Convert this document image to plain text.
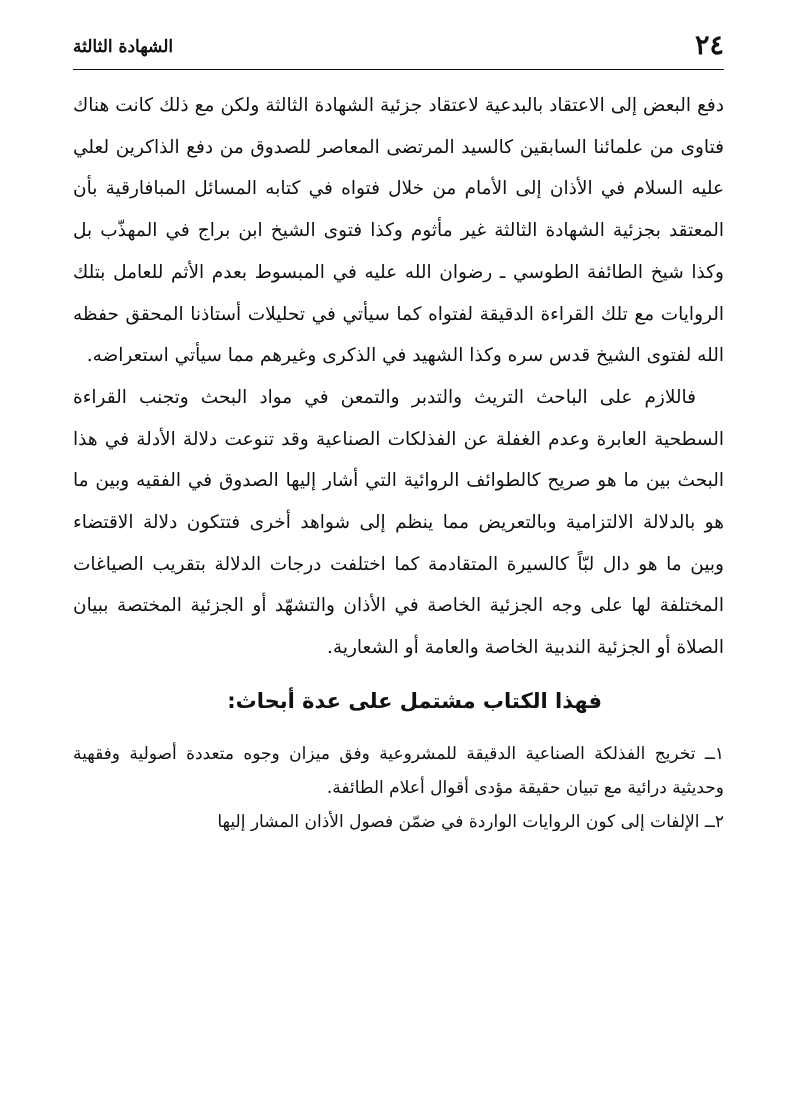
٢٤
الشهادة الثالثة

دفع البعض إلى الاعتقاد بالبدعية لاعتقاد جزئية الشهادة الثالثة ولكن مع ذلك كانت هناك فتاوى من علمائنا السابقين كالسيد المرتضى المعاصر للصدوق من دفع الذاكرين لعلي عليه السلام في الأذان إلى الأمام من خلال فتواه في كتابه المسائل المبافارقية بأن المعتقد بجزئية الشهادة الثالثة غير مأثوم وكذا فتوى الشيخ ابن براج في المهذّب بل وكذا شيخ الطائفة الطوسي ـ رضوان الله عليه في المبسوط بعدم الأثم للعامل بتلك الروايات مع تلك القراءة الدقيقة لفتواه كما سيأتي في تحليلات أستاذنا المحقق حفظه الله لفتوى الشيخ قدس سره وكذا الشهيد في الذكرى وغيرهم مما سيأتي استعراضه.

فاللازم على الباحث التريث والتدبر والتمعن في مواد البحث وتجنب القراءة السطحية العابرة وعدم الغفلة عن الفذلكات الصناعية وقد تنوعت دلالة الأدلة في هذا البحث بين ما هو صريح كالطوائف الروائية التي أشار إليها الصدوق في الفقيه وبين ما هو بالدلالة الالتزامية وبالتعريض مما ينظم إلى شواهد أخرى فتتكون دلالة الاقتضاء وبين ما هو دال لبّاً كالسيرة المتقادمة كما اختلفت درجات الدلالة بتقريب الصياغات المختلفة لها على وجه الجزئية الخاصة في الأذان والتشهّد أو الجزئية المختصة ببيان الصلاة أو الجزئية الندبية الخاصة والعامة أو الشعارية.

فهذا الكتاب مشتمل على عدة أبحاث:

١ــ تخريج الفذلكة الصناعية الدقيقة للمشروعية وفق ميزان وجوه متعددة أصولية وفقهية وحديثية درائية مع تبيان حقيقة مؤدى أقوال أعلام الطائفة.

٢ــ الإلفات إلى كون الروايات الواردة في ضمّن فصول الأذان المشار إليها
